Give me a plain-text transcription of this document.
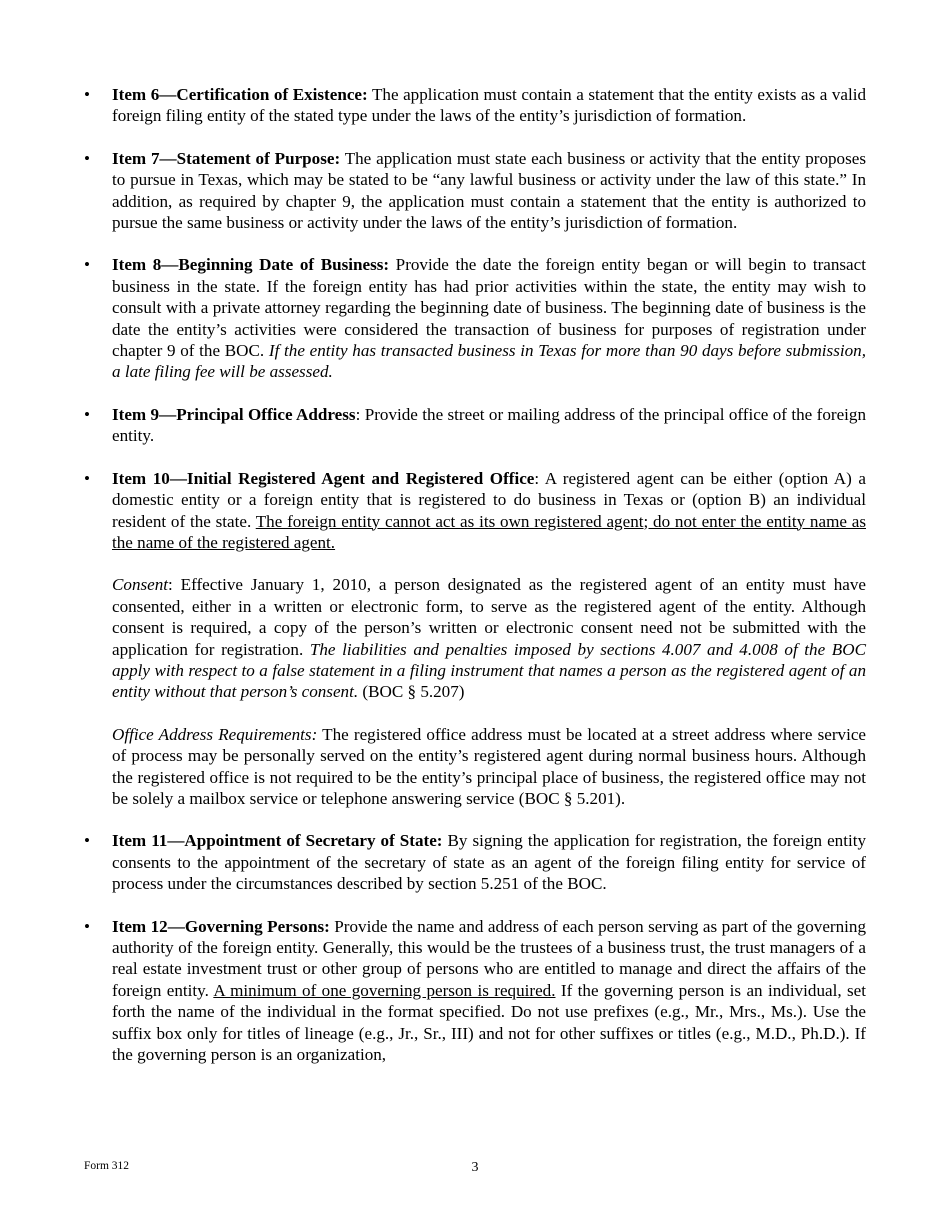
•	Item 6—Certification of Existence: The application must contain a statement that the entity exists as a valid foreign filing entity of the stated type under the laws of the entity’s jurisdiction of formation.
•	Item 7—Statement of Purpose: The application must state each business or activity that the entity proposes to pursue in Texas, which may be stated to be “any lawful business or activity under the law of this state.” In addition, as required by chapter 9, the application must contain a statement that the entity is authorized to pursue the same business or activity under the laws of the entity’s jurisdiction of formation.
•	Item 8—Beginning Date of Business: Provide the date the foreign entity began or will begin to transact business in the state. If the foreign entity has had prior activities within the state, the entity may wish to consult with a private attorney regarding the beginning date of business. The beginning date of business is the date the entity’s activities were considered the transaction of business for purposes of registration under chapter 9 of the BOC. If the entity has transacted business in Texas for more than 90 days before submission, a late filing fee will be assessed.
•	Item 9—Principal Office Address: Provide the street or mailing address of the principal office of the foreign entity.
•	Item 10—Initial Registered Agent and Registered Office: A registered agent can be either (option A) a domestic entity or a foreign entity that is registered to do business in Texas or (option B) an individual resident of the state. The foreign entity cannot act as its own registered agent; do not enter the entity name as the name of the registered agent.
Consent: Effective January 1, 2010, a person designated as the registered agent of an entity must have consented, either in a written or electronic form, to serve as the registered agent of the entity. Although consent is required, a copy of the person’s written or electronic consent need not be submitted with the application for registration. The liabilities and penalties imposed by sections 4.007 and 4.008 of the BOC apply with respect to a false statement in a filing instrument that names a person as the registered agent of an entity without that person’s consent. (BOC § 5.207)
Office Address Requirements: The registered office address must be located at a street address where service of process may be personally served on the entity’s registered agent during normal business hours. Although the registered office is not required to be the entity’s principal place of business, the registered office may not be solely a mailbox service or telephone answering service (BOC § 5.201).
•	Item 11—Appointment of Secretary of State: By signing the application for registration, the foreign entity consents to the appointment of the secretary of state as an agent of the foreign filing entity for service of process under the circumstances described by section 5.251 of the BOC.
•	Item 12—Governing Persons: Provide the name and address of each person serving as part of the governing authority of the foreign entity. Generally, this would be the trustees of a business trust, the trust managers of a real estate investment trust or other group of persons who are entitled to manage and direct the affairs of the foreign entity. A minimum of one governing person is required. If the governing person is an individual, set forth the name of the individual in the format specified. Do not use prefixes (e.g., Mr., Mrs., Ms.). Use the suffix box only for titles of lineage (e.g., Jr., Sr., III) and not for other suffixes or titles (e.g., M.D., Ph.D.). If the governing person is an organization,
Form 312	3
